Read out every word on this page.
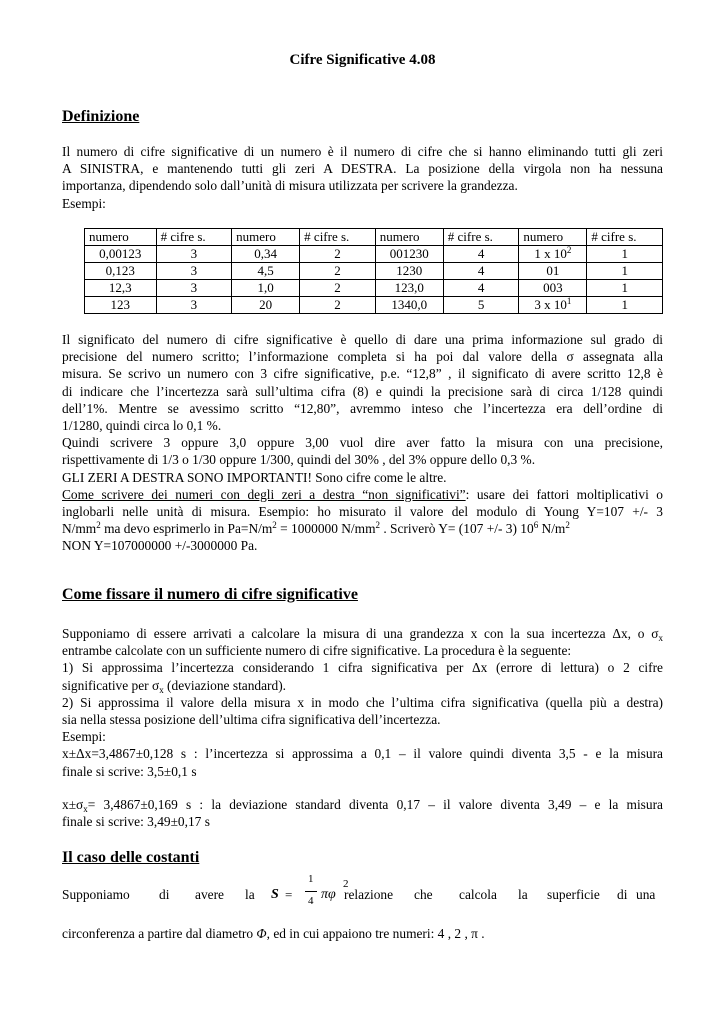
Cifre Significative 4.08
Definizione

Il numero di cifre significative di un numero è il numero di cifre che si hanno eliminando tutti gli zeri
A SINISTRA, e mantenendo tutti gli zeri A DESTRA. La posizione della virgola non ha nessuna
importanza, dipendendo solo dall’unità di misura utilizzata per scrivere la grandezza.
Esempi:

numero	# cifre s.	numero	# cifre s.	numero	# cifre s.	numero	# cifre s.
0,00123	3	0,34	2	001230	4	1 x $10^2$	1
0,123	3	4,5	2	1230	4	01	1
12,3	3	1,0	2	123,0	4	003	1
123	3	20	2	1340,0	5	3 x $10^1$	1

Il significato del numero di cifre significative è quello di dare una prima informazione sul grado di
precisione del numero scritto; l’informazione completa si ha poi dal valore della σ assegnata alla
misura. Se scrivo un numero con 3 cifre significative, p.e. “12,8” , il significato di avere scritto 12,8 è
di indicare che l’incertezza sarà sull’ultima cifra (8) e quindi la precisione sarà di circa 1/128 quindi
dell’1%. Mentre se avessimo scritto “12,80”, avremmo inteso che l’incertezza era dell’ordine di
1/1280, quindi circa lo 0,1 %.
Quindi scrivere 3 oppure 3,0 oppure 3,00 vuol dire aver fatto la misura con una precisione,
rispettivamente di 1/3 o 1/30 oppure 1/300, quindi del 30% , del 3% oppure dello 0,3 %.
GLI ZERI A DESTRA SONO IMPORTANTI! Sono cifre come le altre.
Come scrivere dei numeri con degli zeri a destra “non significativi”: usare dei fattori moltiplicativi o
inglobarli nelle unità di misura. Esempio: ho misurato il valore del modulo di Young Y=107 +/- 3
$N/mm^2$ ma devo esprimerlo in $Pa=N/m^2 = 1000000$ $N/mm^2$ . Scriverò Y= (107 +/- 3) $10^6$ $N/m^2$
NON Y=107000000 +/-3000000 Pa.

Come fissare il numero di cifre significative

Supponiamo di essere arrivati a calcolare la misura di una grandezza x con la sua incertezza Δx, o $\sigma_x$
entrambe calcolate con un sufficiente numero di cifre significative. La procedura è la seguente:
1) Si approssima l’incertezza considerando 1 cifra significativa per Δx (errore di lettura) o 2 cifre
significative per $\sigma_x$ (deviazione standard).
2) Si approssima il valore della misura x in modo che l’ultima cifra significativa (quella più a destra)
sia nella stessa posizione dell’ultima cifra significativa dell’incertezza.
Esempi:
x±Δx=3,4867±0,128 s : l’incertezza si approssima a 0,1 – il valore quindi diventa 3,5 - e la misura
finale si scrive: 3,5±0,1 s

$x\pm\sigma_x= 3,4867\pm 0,169$ s : la deviazione standard diventa 0,17 – il valore diventa 3,49 – e la misura
finale si scrive: 3,49±0,17 s

Il caso delle costanti
Supponiamo di avere la	relazione che calcola la superficie di una
S =
1
4 πφ
2

circonferenza a partire dal diametro Φ, ed in cui appaiono tre numeri: 4 , 2 , π .
